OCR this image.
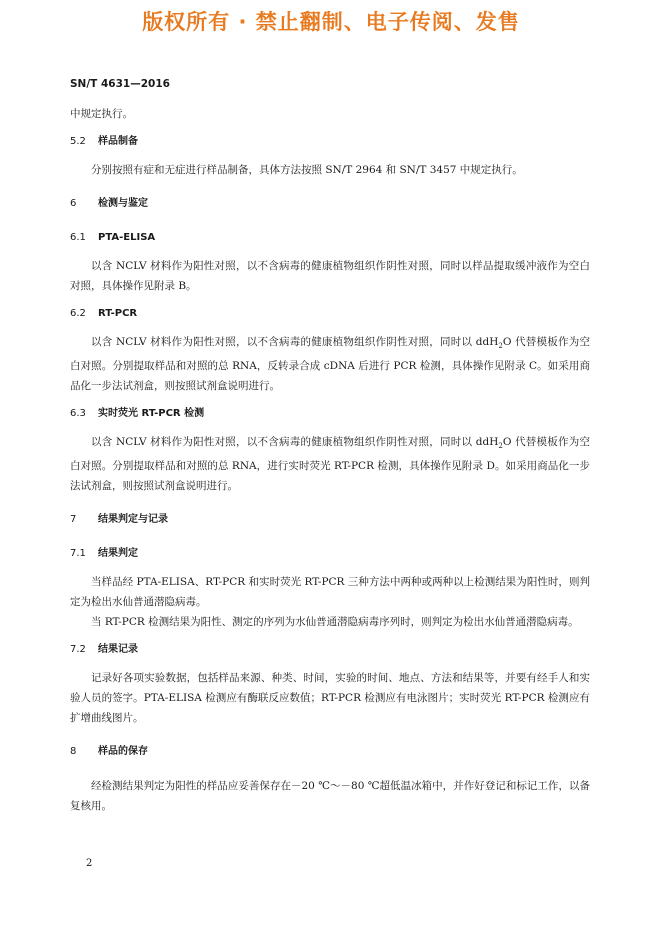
版权所有 · 禁止翻制、电子传阅、发售
SN/T 4631—2016

中规定执行。

5.2 样品制备

分别按照有症和无症进行样品制备，具体方法按照 SN/T 2964 和 SN/T 3457 中规定执行。

6 检测与鉴定

6.1 PTA-ELISA

以含 NCLV 材料作为阳性对照，以不含病毒的健康植物组织作阴性对照，同时以样品提取缓冲液作为空白对照，具体操作见附录 B。

6.2 RT-PCR

以含 NCLV 材料作为阳性对照，以不含病毒的健康植物组织作阴性对照，同时以 ddH$_2$O 代替模板作为空白对照。分别提取样品和对照的总 RNA，反转录合成 cDNA 后进行 PCR 检测，具体操作见附录 C。如采用商品化一步法试剂盒，则按照试剂盒说明进行。

6.3 实时荧光 RT-PCR 检测

以含 NCLV 材料作为阳性对照，以不含病毒的健康植物组织作阴性对照，同时以 ddH$_2$O 代替模板作为空白对照。分别提取样品和对照的总 RNA，进行实时荧光 RT-PCR 检测，具体操作见附录 D。如采用商品化一步法试剂盒，则按照试剂盒说明进行。

7 结果判定与记录

7.1 结果判定

当样品经 PTA-ELISA、RT-PCR 和实时荧光 RT-PCR 三种方法中两种或两种以上检测结果为阳性时，则判定为检出水仙普通潜隐病毒。

当 RT-PCR 检测结果为阳性、测定的序列为水仙普通潜隐病毒序列时，则判定为检出水仙普通潜隐病毒。

7.2 结果记录

记录好各项实验数据，包括样品来源、种类、时间，实验的时间、地点、方法和结果等，并要有经手人和实验人员的签字。PTA-ELISA 检测应有酶联反应数值；RT-PCR 检测应有电泳图片；实时荧光 RT-PCR 检测应有扩增曲线图片。

8 样品的保存

经检测结果判定为阳性的样品应妥善保存在－20 ℃～－80 ℃超低温冰箱中，并作好登记和标记工作，以备复核用。

2
